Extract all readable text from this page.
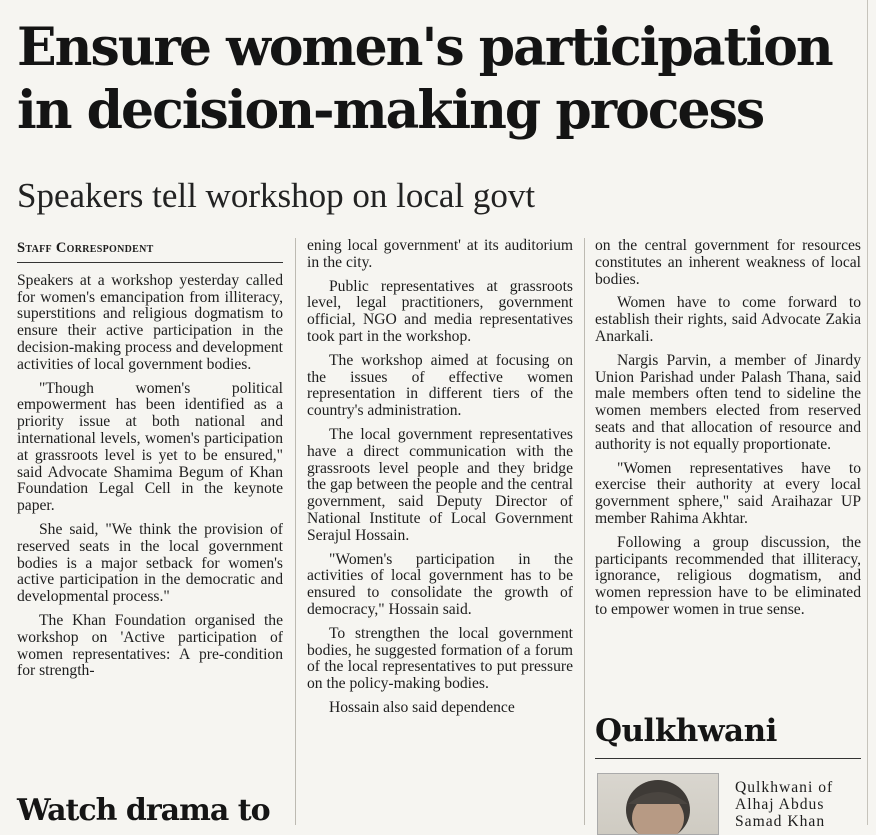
Ensure women's participation
in decision-making process
Speakers tell workshop on local govt
Staff Correspondent

Speakers at a workshop yesterday called for women's emancipation from illiteracy, superstitions and religious dogmatism to ensure their active participation in the decision-making process and development activities of local government bodies.

"Though women's political empowerment has been identified as a priority issue at both national and international levels, women's participation at grassroots level is yet to be ensured," said Advocate Shamima Begum of Khan Foundation Legal Cell in the keynote paper.

She said, "We think the provision of reserved seats in the local government bodies is a major setback for women's active participation in the democratic and developmental process."

The Khan Foundation organised the workshop on 'Active participation of women representatives: A pre-condition for strength-

ening local government' at its auditorium in the city.

Public representatives at grassroots level, legal practitioners, government official, NGO and media representatives took part in the workshop.

The workshop aimed at focusing on the issues of effective women representation in different tiers of the country's administration.

The local government representatives have a direct communication with the grassroots level people and they bridge the gap between the people and the central government, said Deputy Director of National Institute of Local Government Serajul Hossain.

"Women's participation in the activities of local government has to be ensured to consolidate the growth of democracy," Hossain said.

To strengthen the local government bodies, he suggested formation of a forum of the local representatives to put pressure on the policy-making bodies.

Hossain also said dependence

on the central government for resources constitutes an inherent weakness of local bodies.

Women have to come forward to establish their rights, said Advocate Zakia Anarkali.

Nargis Parvin, a member of Jinardy Union Parishad under Palash Thana, said male members often tend to sideline the women members elected from reserved seats and that allocation of resource and authority is not equally proportionate.

"Women representatives have to exercise their authority at every local government sphere," said Araihazar UP member Rahima Akhtar.

Following a group discussion, the participants recommended that illiteracy, ignorance, religious dogmatism, and women repression have to be eliminated to empower women in true sense.

Watch drama to
Qulkhwani

Qulkhwani of Alhaj Abdus Samad Khan
